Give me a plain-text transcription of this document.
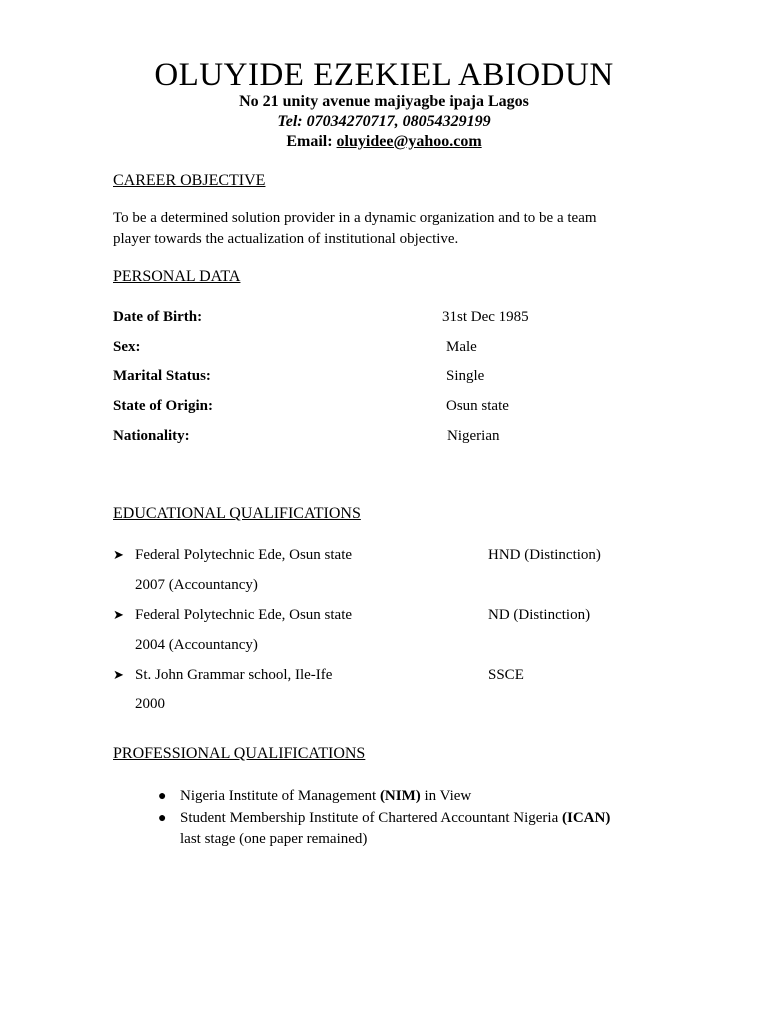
OLUYIDE EZEKIEL ABIODUN
No 21 unity avenue majiyagbe ipaja Lagos
Tel: 07034270717, 08054329199
Email: oluyidee@yahoo.com
CAREER OBJECTIVE
To be a determined solution provider in a dynamic organization and to be a team
player towards the actualization of institutional objective.
PERSONAL DATA
Date of Birth:	31st Dec 1985
Sex:	Male
Marital Status:	Single
State of Origin:	Osun state
Nationality:	Nigerian
EDUCATIONAL QUALIFICATIONS
➤ Federal Polytechnic Ede, Osun state	HND (Distinction)
2007 (Accountancy)
➤ Federal Polytechnic Ede, Osun state	ND (Distinction)
2004 (Accountancy)
➤ St. John Grammar school, Ile-Ife	SSCE
2000
PROFESSIONAL QUALIFICATIONS
● Nigeria Institute of Management (NIM) in View
● Student Membership Institute of Chartered Accountant Nigeria (ICAN)
last stage (one paper remained)
